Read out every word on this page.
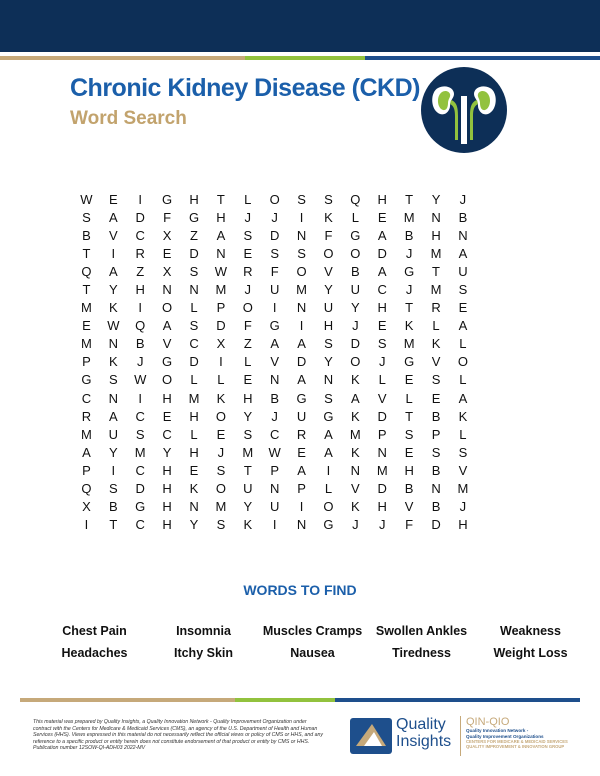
Chronic Kidney Disease (CKD)
Word Search
W	E	I	G	H	T	L	O	S	S	Q	H	T	Y	J
S	A	D	F	G	H	J	J	I	K	L	E	M	N	B
B	V	C	X	Z	A	S	D	N	F	G	A	B	H	N
T	I	R	E	D	N	E	S	S	O	O	D	J	M	A
Q	A	Z	X	S	W	R	F	O	V	B	A	G	T	U
T	Y	H	N	N	M	J	U	M	Y	U	C	J	M	S
M	K	I	O	L	P	O	I	N	U	Y	H	T	R	E
E	W	Q	A	S	D	F	G	I	H	J	E	K	L	A
M	N	B	V	C	X	Z	A	A	S	D	S	M	K	L
P	K	J	G	D	I	L	V	D	Y	O	J	G	V	O
G	S	W	O	L	L	E	N	A	N	K	L	E	S	L
C	N	I	H	M	K	H	B	G	S	A	V	L	E	A
R	A	C	E	H	O	Y	J	U	G	K	D	T	B	K
M	U	S	C	L	E	S	C	R	A	M	P	S	P	L
A	Y	M	Y	H	J	M	W	E	A	K	N	E	S	S
P	I	C	H	E	S	T	P	A	I	N	M	H	B	V
Q	S	D	H	K	O	U	N	P	L	V	D	B	N	M
X	B	G	H	N	M	Y	U	I	O	K	H	V	B	J
I	T	C	H	Y	S	K	I	N	G	J	J	F	D	H
WORDS TO FIND
Chest Pain	Insomnia	Muscles Cramps	Swollen Ankles	Weakness
Headaches	Itchy Skin	Nausea	Tiredness	Weight Loss
This material was prepared by Quality Insights, a Quality Innovation Network - Quality Improvement Organization under contract with the Centers for Medicare & Medicaid Services (CMS), an agency of the U.S. Department of Health and Human Services (HHS). Views expressed in this material do not necessarily reflect the official views or policy of CMS or HHS, and any reference to a specific product or entity herein does not constitute endorsement of that product or entity by CMS or HHS. Publication number 12SOW-QI-ADH03 2022-MV
Quality
Insights
QIN-QIO
Quality Innovation Network -
Quality Improvement Organizations
CENTERS FOR MEDICARE & MEDICAID SERVICES
QUALITY IMPROVEMENT & INNOVATION GROUP
